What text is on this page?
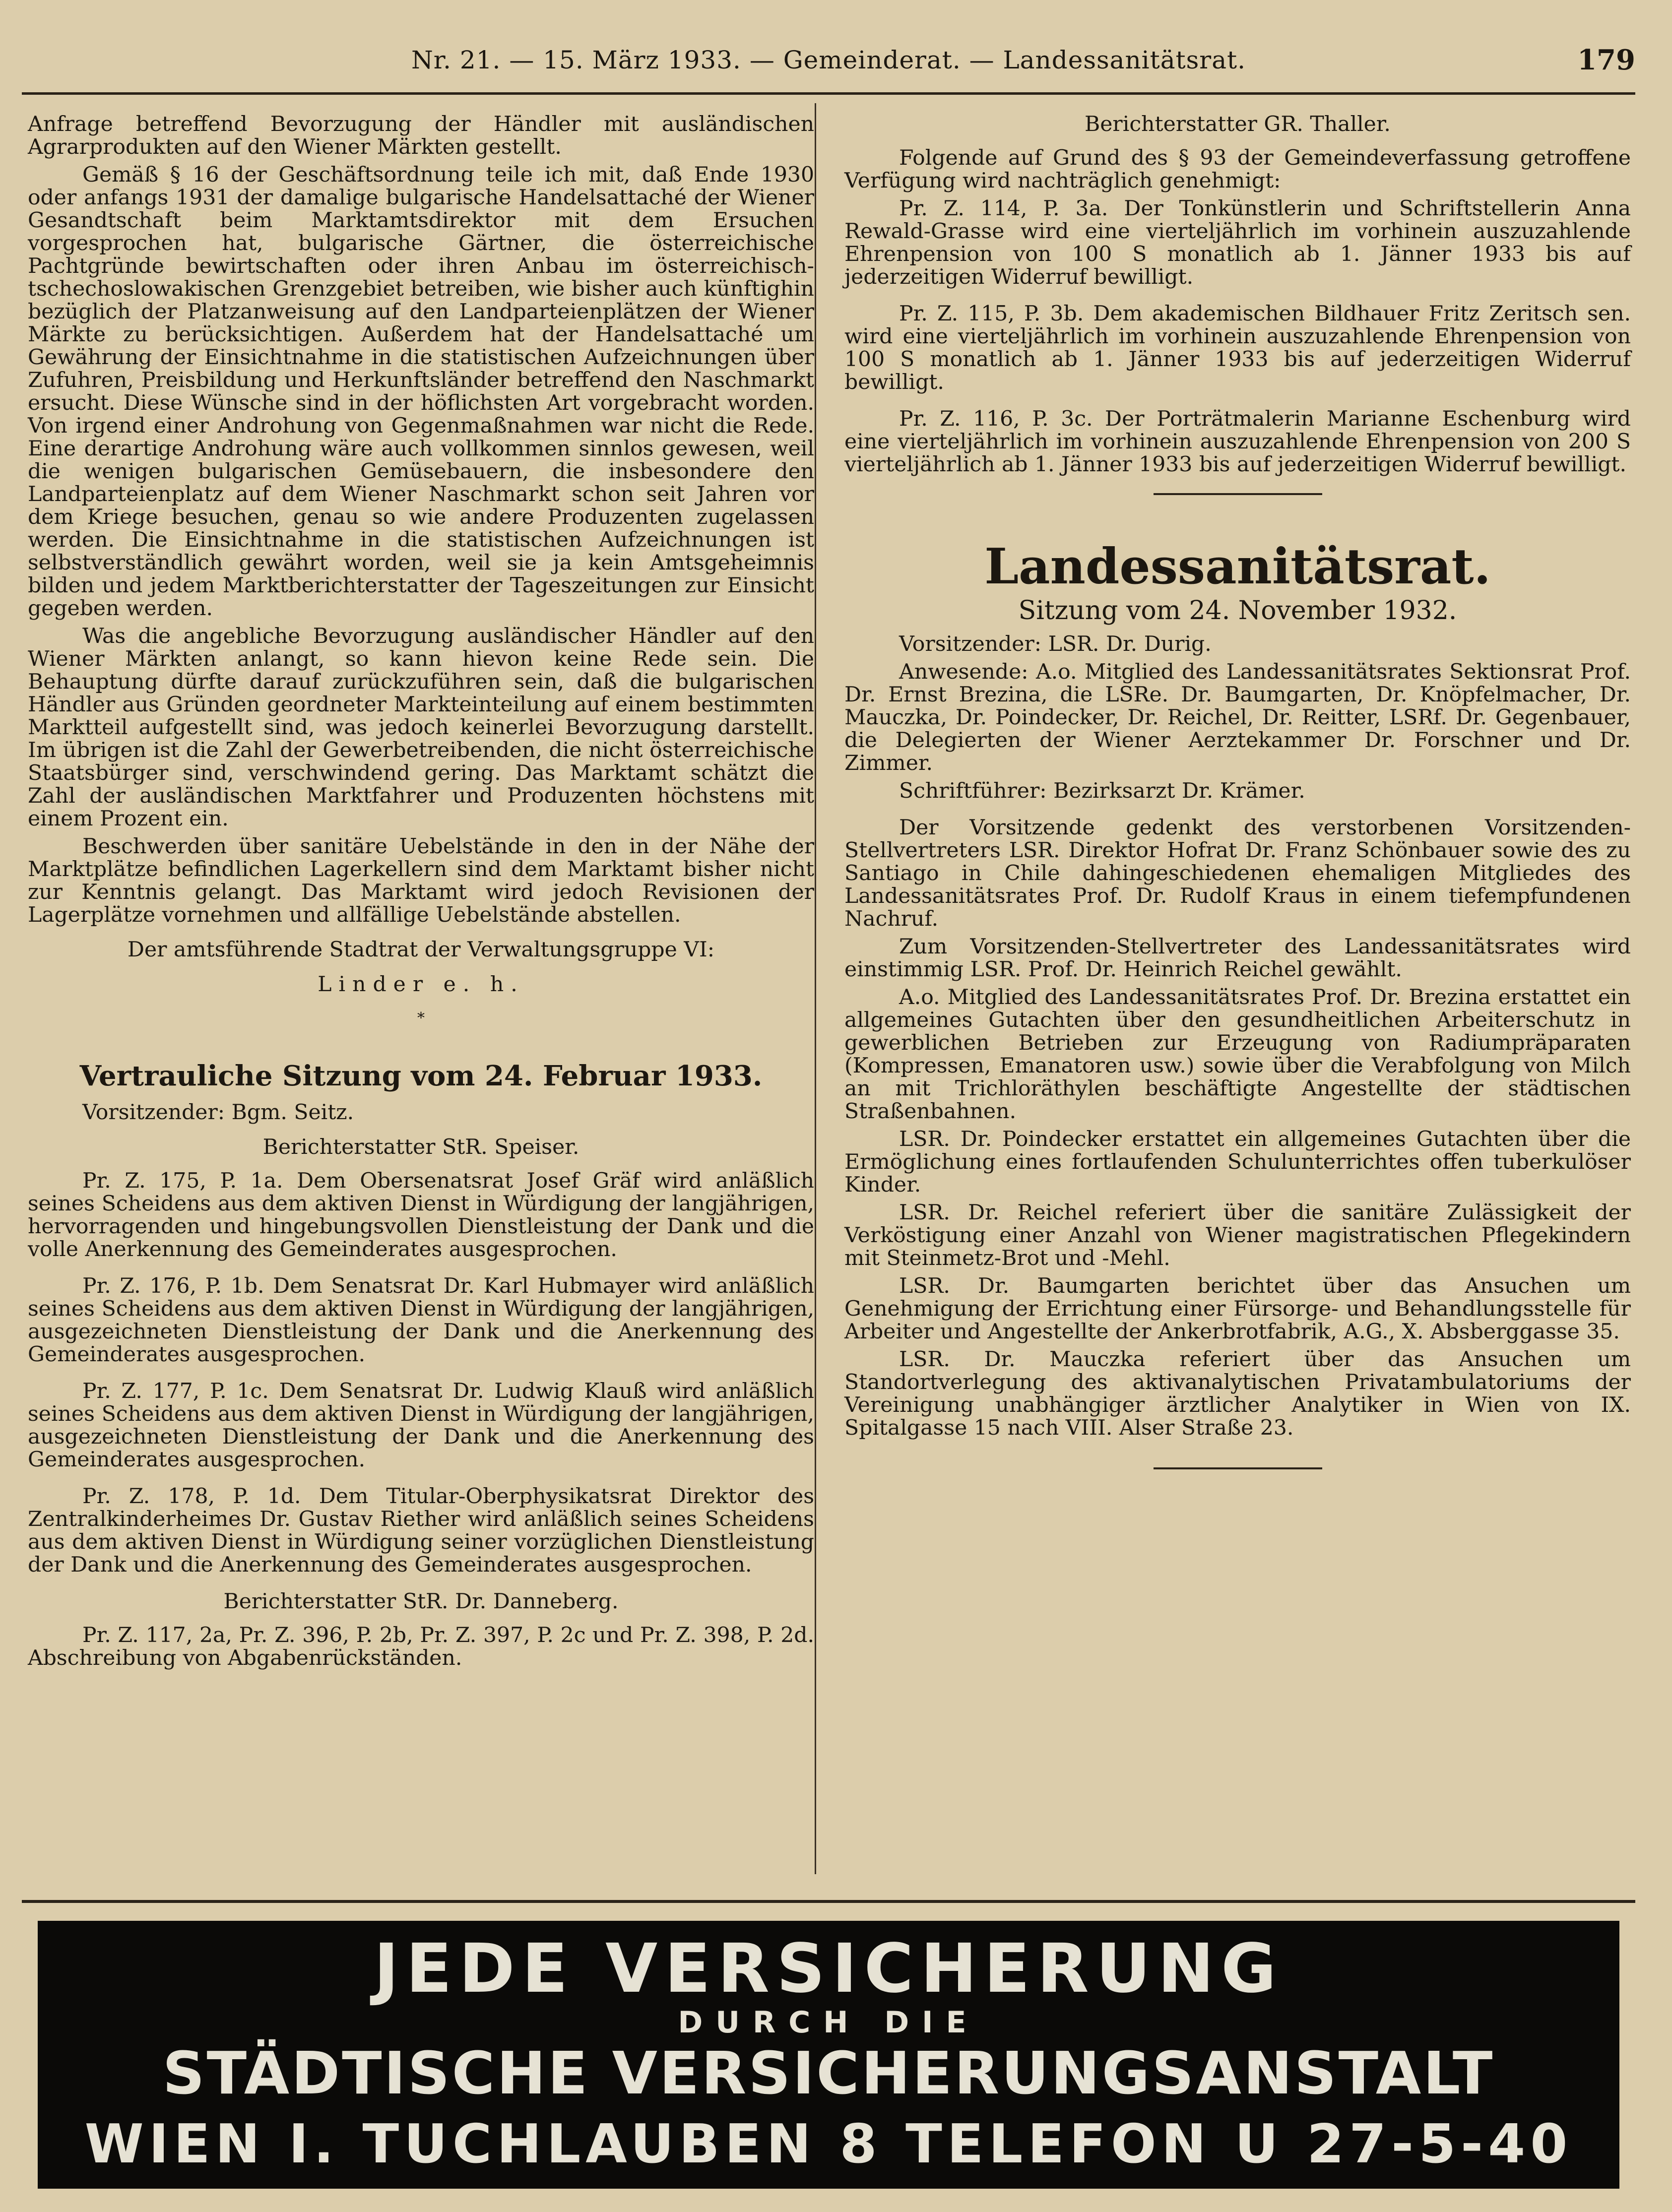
Nr. 21. — 15. März 1933. — Gemeinderat. — Landessanitätsrat.	179

Anfrage betreffend Bevorzugung der Händler mit ausländischen Agrarprodukten auf den Wiener Märkten gestellt.

Gemäß § 16 der Geschäftsordnung teile ich mit, daß Ende 1930 oder anfangs 1931 der damalige bulgarische Handelsattaché der Wiener Gesandtschaft beim Marktamtsdirektor mit dem Ersuchen vorgesprochen hat, bulgarische Gärtner, die österreichische Pachtgründe bewirtschaften oder ihren Anbau im österreichisch-tschechoslowakischen Grenzgebiet betreiben, wie bisher auch künftighin bezüglich der Platzanweisung auf den Landparteienplätzen der Wiener Märkte zu berücksichtigen. Außerdem hat der Handelsattaché um Gewährung der Einsichtnahme in die statistischen Aufzeichnungen über Zufuhren, Preisbildung und Herkunftsländer betreffend den Naschmarkt ersucht. Diese Wünsche sind in der höflichsten Art vorgebracht worden. Von irgend einer Androhung von Gegenmaßnahmen war nicht die Rede. Eine derartige Androhung wäre auch vollkommen sinnlos gewesen, weil die wenigen bulgarischen Gemüsebauern, die insbesondere den Landparteienplatz auf dem Wiener Naschmarkt schon seit Jahren vor dem Kriege besuchen, genau so wie andere Produzenten zugelassen werden. Die Einsichtnahme in die statistischen Aufzeichnungen ist selbstverständlich gewährt worden, weil sie ja kein Amtsgeheimnis bilden und jedem Marktberichterstatter der Tageszeitungen zur Einsicht gegeben werden.

Was die angebliche Bevorzugung ausländischer Händler auf den Wiener Märkten anlangt, so kann hievon keine Rede sein. Die Behauptung dürfte darauf zurückzuführen sein, daß die bulgarischen Händler aus Gründen geordneter Markteinteilung auf einem bestimmten Marktteil aufgestellt sind, was jedoch keinerlei Bevorzugung darstellt. Im übrigen ist die Zahl der Gewerbetreibenden, die nicht österreichische Staatsbürger sind, verschwindend gering. Das Marktamt schätzt die Zahl der ausländischen Marktfahrer und Produzenten höchstens mit einem Prozent ein.

Beschwerden über sanitäre Uebelstände in den in der Nähe der Marktplätze befindlichen Lagerkellern sind dem Marktamt bisher nicht zur Kenntnis gelangt. Das Marktamt wird jedoch Revisionen der Lagerplätze vornehmen und allfällige Uebelstände abstellen.

Der amtsführende Stadtrat der Verwaltungsgruppe VI:

Linder e. h.

*
Vertrauliche Sitzung vom 24. Februar 1933.

Vorsitzender: Bgm. Seitz.

Berichterstatter StR. Speiser.

Pr. Z. 175, P. 1a. Dem Obersenatsrat Josef Gräf wird anläßlich seines Scheidens aus dem aktiven Dienst in Würdigung der langjährigen, hervorragenden und hingebungsvollen Dienstleistung der Dank und die volle Anerkennung des Gemeinderates ausgesprochen.

Pr. Z. 176, P. 1b. Dem Senatsrat Dr. Karl Hubmayer wird anläßlich seines Scheidens aus dem aktiven Dienst in Würdigung der langjährigen, ausgezeichneten Dienstleistung der Dank und die Anerkennung des Gemeinderates ausgesprochen.

Pr. Z. 177, P. 1c. Dem Senatsrat Dr. Ludwig Klauß wird anläßlich seines Scheidens aus dem aktiven Dienst in Würdigung der langjährigen, ausgezeichneten Dienstleistung der Dank und die Anerkennung des Gemeinderates ausgesprochen.

Pr. Z. 178, P. 1d. Dem Titular-Oberphysikatsrat Direktor des Zentralkinderheimes Dr. Gustav Riether wird anläßlich seines Scheidens aus dem aktiven Dienst in Würdigung seiner vorzüglichen Dienstleistung der Dank und die Anerkennung des Gemeinderates ausgesprochen.

Berichterstatter StR. Dr. Danneberg.

Pr. Z. 117, 2a, Pr. Z. 396, P. 2b, Pr. Z. 397, P. 2c und Pr. Z. 398, P. 2d. Abschreibung von Abgabenrückständen.

Berichterstatter GR. Thaller.

Folgende auf Grund des § 93 der Gemeindeverfassung getroffene Verfügung wird nachträglich genehmigt:

Pr. Z. 114, P. 3a. Der Tonkünstlerin und Schriftstellerin Anna Rewald-Grasse wird eine vierteljährlich im vorhinein auszuzahlende Ehrenpension von 100 S monatlich ab 1. Jänner 1933 bis auf jederzeitigen Widerruf bewilligt.

Pr. Z. 115, P. 3b. Dem akademischen Bildhauer Fritz Zeritsch sen. wird eine vierteljährlich im vorhinein auszuzahlende Ehrenpension von 100 S monatlich ab 1. Jänner 1933 bis auf jederzeitigen Widerruf bewilligt.

Pr. Z. 116, P. 3c. Der Porträtmalerin Marianne Eschenburg wird eine vierteljährlich im vorhinein auszuzahlende Ehrenpension von 200 S vierteljährlich ab 1. Jänner 1933 bis auf jederzeitigen Widerruf bewilligt.

Landessanitätsrat.
Sitzung vom 24. November 1932.

Vorsitzender: LSR. Dr. Durig.

Anwesende: A.o. Mitglied des Landessanitätsrates Sektionsrat Prof. Dr. Ernst Brezina, die LSRe. Dr. Baumgarten, Dr. Knöpfelmacher, Dr. Mauczka, Dr. Poindecker, Dr. Reichel, Dr. Reitter, LSRf. Dr. Gegenbauer, die Delegierten der Wiener Aerztekammer Dr. Forschner und Dr. Zimmer.

Schriftführer: Bezirksarzt Dr. Krämer.

Der Vorsitzende gedenkt des verstorbenen Vorsitzenden-Stellvertreters LSR. Direktor Hofrat Dr. Franz Schönbauer sowie des zu Santiago in Chile dahingeschiedenen ehemaligen Mitgliedes des Landessanitätsrates Prof. Dr. Rudolf Kraus in einem tiefempfundenen Nachruf.

Zum Vorsitzenden-Stellvertreter des Landessanitätsrates wird einstimmig LSR. Prof. Dr. Heinrich Reichel gewählt.

A.o. Mitglied des Landessanitätsrates Prof. Dr. Brezina erstattet ein allgemeines Gutachten über den gesundheitlichen Arbeiterschutz in gewerblichen Betrieben zur Erzeugung von Radiumpräparaten (Kompressen, Emanatoren usw.) sowie über die Verabfolgung von Milch an mit Trichloräthylen beschäftigte Angestellte der städtischen Straßenbahnen.

LSR. Dr. Poindecker erstattet ein allgemeines Gutachten über die Ermöglichung eines fortlaufenden Schulunterrichtes offen tuberkulöser Kinder.

LSR. Dr. Reichel referiert über die sanitäre Zulässigkeit der Verköstigung einer Anzahl von Wiener magistratischen Pflegekindern mit Steinmetz-Brot und -Mehl.

LSR. Dr. Baumgarten berichtet über das Ansuchen um Genehmigung der Errichtung einer Fürsorge- und Behandlungsstelle für Arbeiter und Angestellte der Ankerbrotfabrik, A.G., X. Absberggasse 35.

LSR. Dr. Mauczka referiert über das Ansuchen um Standortverlegung des aktivanalytischen Privatambulatoriums der Vereinigung unabhängiger ärztlicher Analytiker in Wien von IX. Spitalgasse 15 nach VIII. Alser Straße 23.

JEDE VERSICHERUNG
DURCH DIE
STÄDTISCHE VERSICHERUNGSANSTALT
WIEN I. TUCHLAUBEN 8 TELEFON U 27-5-40
